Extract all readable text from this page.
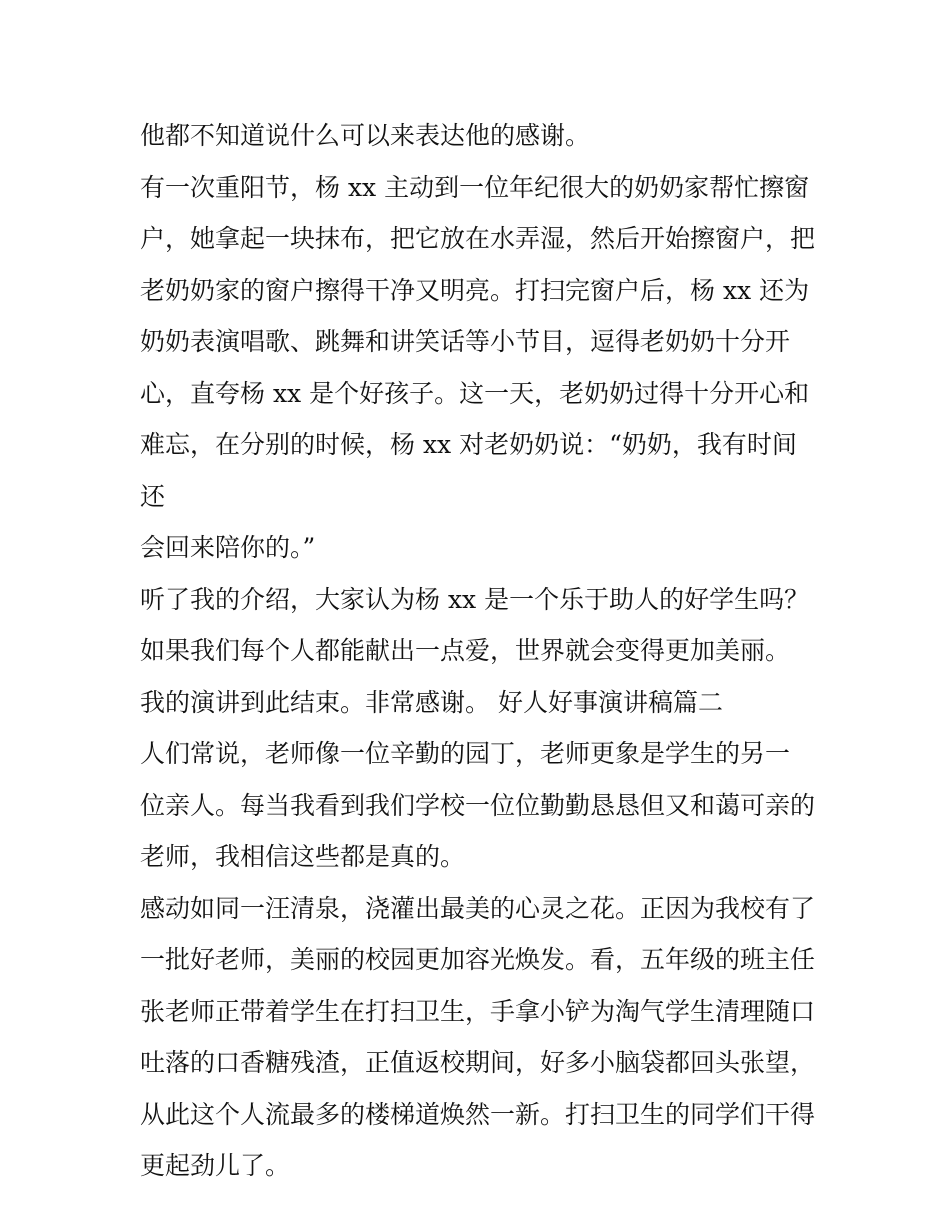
他都不知道说什么可以来表达他的感谢。

有一次重阳节，杨 xx 主动到一位年纪很大的奶奶家帮忙擦窗

户，她拿起一块抹布，把它放在水弄湿，然后开始擦窗户，把

老奶奶家的窗户擦得干净又明亮。打扫完窗户后，杨 xx 还为

奶奶表演唱歌、跳舞和讲笑话等小节目，逗得老奶奶十分开

心，直夸杨 xx 是个好孩子。这一天，老奶奶过得十分开心和

难忘，在分别的时候，杨 xx 对老奶奶说：“奶奶，我有时间还

会回来陪你的。”

听了我的介绍，大家认为杨 xx 是一个乐于助人的好学生吗？

如果我们每个人都能献出一点爱，世界就会变得更加美丽。

我的演讲到此结束。非常感谢。 好人好事演讲稿篇二

人们常说，老师像一位辛勤的园丁，老师更象是学生的另一

位亲人。每当我看到我们学校一位位勤勤恳恳但又和蔼可亲的

老师，我相信这些都是真的。

感动如同一汪清泉，浇灌出最美的心灵之花。正因为我校有了

一批好老师，美丽的校园更加容光焕发。看，五年级的班主任

张老师正带着学生在打扫卫生，手拿小铲为淘气学生清理随口

吐落的口香糖残渣，正值返校期间，好多小脑袋都回头张望，

从此这个人流最多的楼梯道焕然一新。打扫卫生的同学们干得

更起劲儿了。
